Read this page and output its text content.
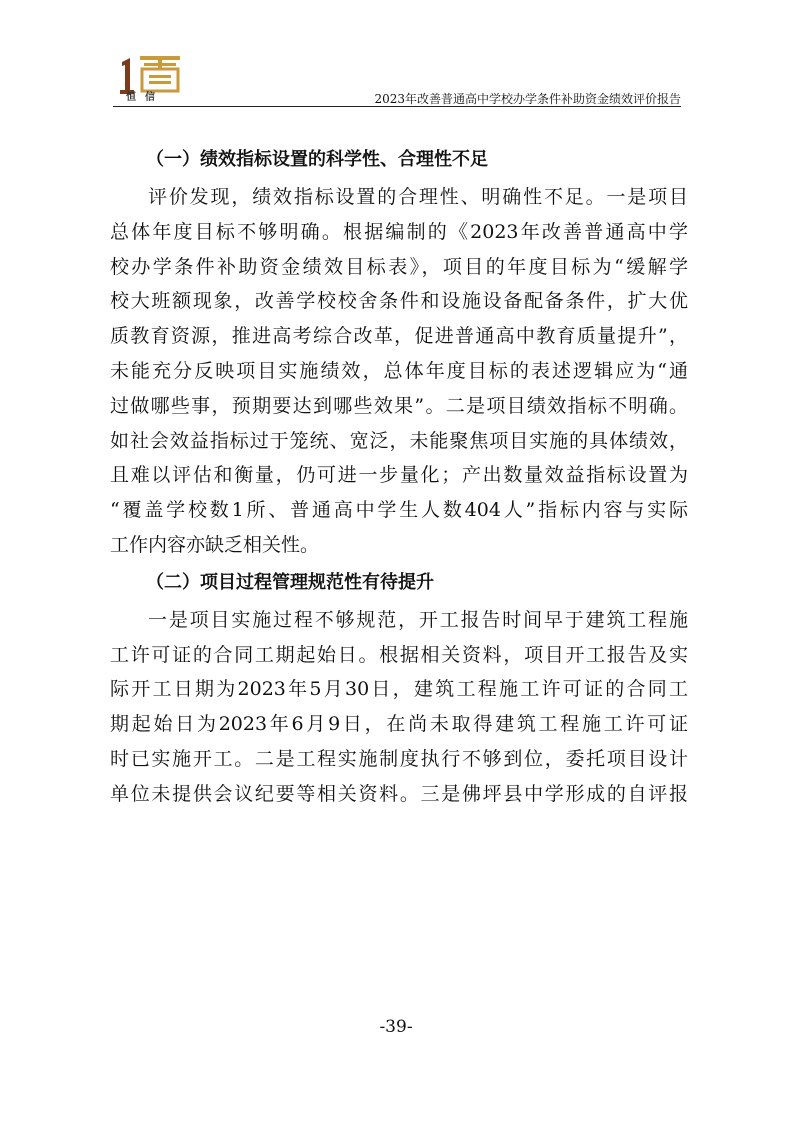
恒信	2023年改善普通高中学校办学条件补助资金绩效评价报告
（一）绩效指标设置的科学性、合理性不足
评价发现，绩效指标设置的合理性、明确性不足。一是项目
总体年度目标不够明确。根据编制的《2023年改善普通高中学
校办学条件补助资金绩效目标表》，项目的年度目标为“缓解学
校大班额现象，改善学校校舍条件和设施设备配备条件，扩大优
质教育资源，推进高考综合改革，促进普通高中教育质量提升”，
未能充分反映项目实施绩效，总体年度目标的表述逻辑应为“通
过做哪些事，预期要达到哪些效果”。二是项目绩效指标不明确。
如社会效益指标过于笼统、宽泛，未能聚焦项目实施的具体绩效，
且难以评估和衡量，仍可进一步量化；产出数量效益指标设置为
“覆盖学校数1所、普通高中学生人数404人”指标内容与实际
工作内容亦缺乏相关性。
（二）项目过程管理规范性有待提升
一是项目实施过程不够规范，开工报告时间早于建筑工程施
工许可证的合同工期起始日。根据相关资料，项目开工报告及实
际开工日期为2023年5月30日，建筑工程施工许可证的合同工
期起始日为2023年6月9日，在尚未取得建筑工程施工许可证
时已实施开工。二是工程实施制度执行不够到位，委托项目设计
单位未提供会议纪要等相关资料。三是佛坪县中学形成的自评报
-39-
